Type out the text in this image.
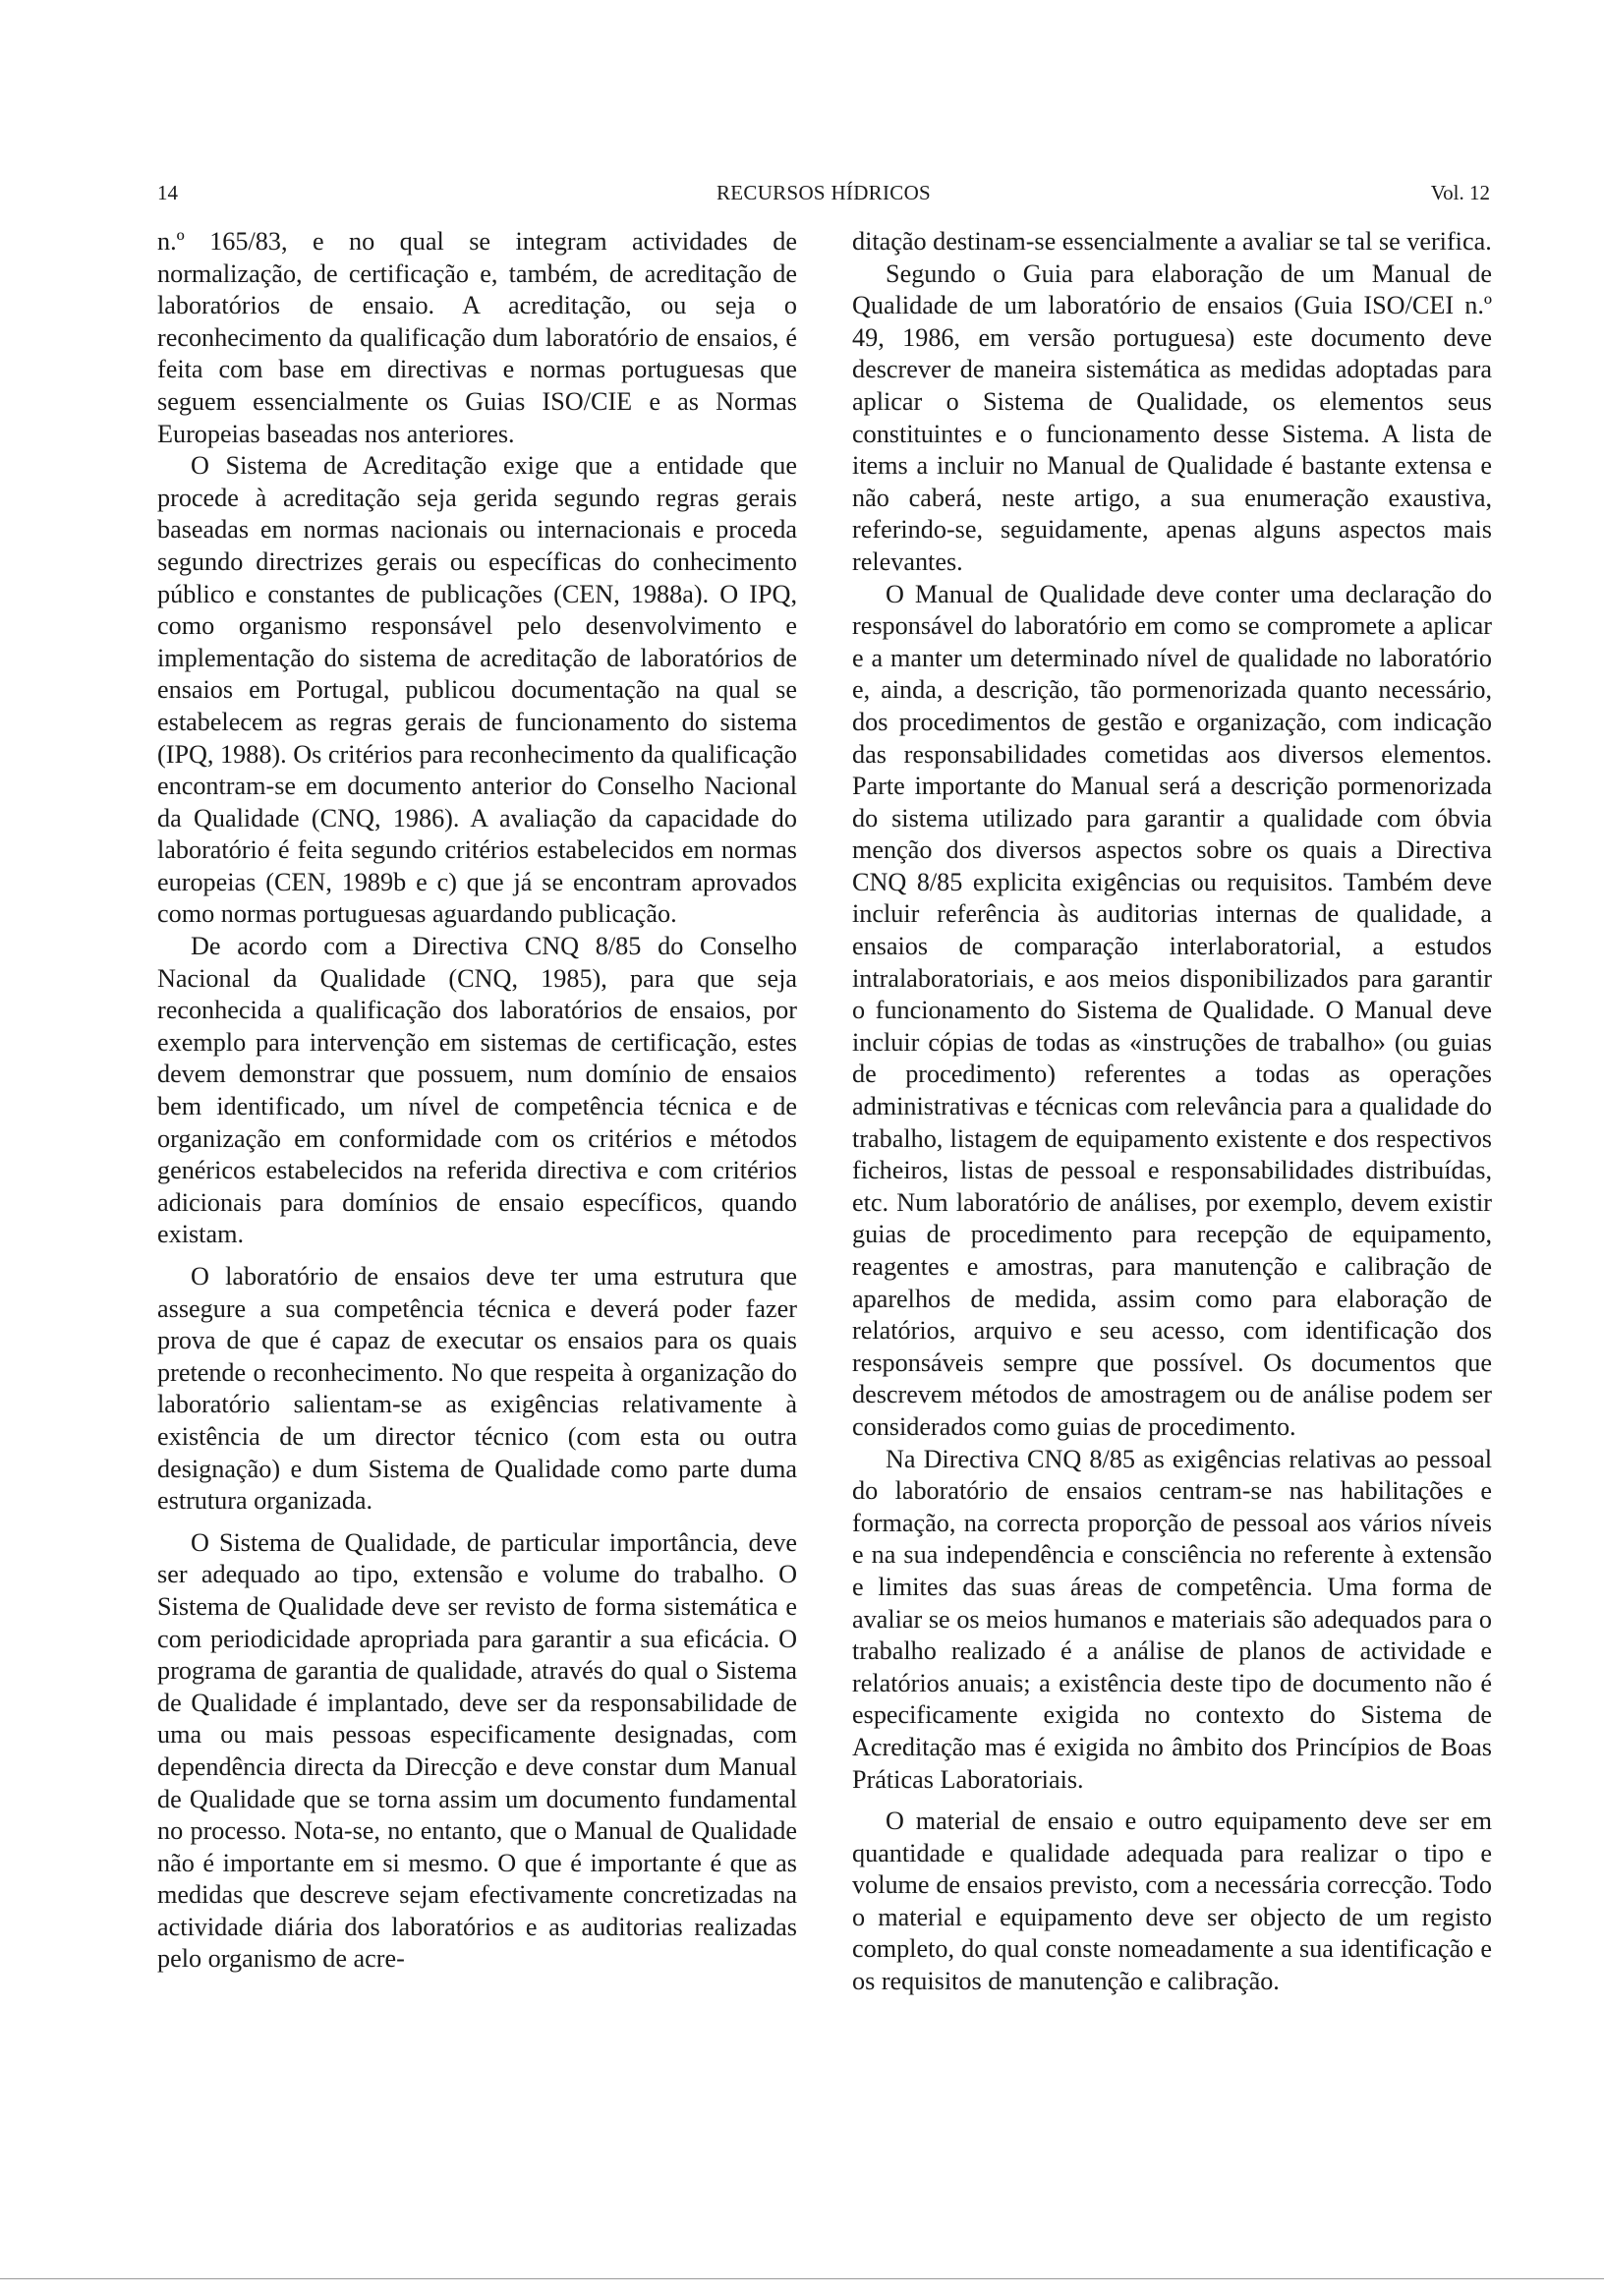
14	RECURSOS HÍDRICOS	Vol. 12

n.º 165/83, e no qual se integram actividades de normalização, de certificação e, também, de acreditação de laboratórios de ensaio. A acreditação, ou seja o reconhecimento da qualificação dum laboratório de ensaios, é feita com base em directivas e normas portuguesas que seguem essencialmente os Guias ISO/CIE e as Normas Europeias baseadas nos anteriores.

O Sistema de Acreditação exige que a entidade que procede à acreditação seja gerida segundo regras gerais baseadas em normas nacionais ou internacionais e proceda segundo directrizes gerais ou específicas do conhecimento público e constantes de publicações (CEN, 1988a). O IPQ, como organismo responsável pelo desenvolvimento e implementação do sistema de acreditação de laboratórios de ensaios em Portugal, publicou documentação na qual se estabelecem as regras gerais de funcionamento do sistema (IPQ, 1988). Os critérios para reconhecimento da qualificação encontram-se em documento anterior do Conselho Nacional da Qualidade (CNQ, 1986). A avaliação da capacidade do laboratório é feita segundo critérios estabelecidos em normas europeias (CEN, 1989b e c) que já se encontram aprovados como normas portuguesas aguardando publicação.

De acordo com a Directiva CNQ 8/85 do Conselho Nacional da Qualidade (CNQ, 1985), para que seja reconhecida a qualificação dos laboratórios de ensaios, por exemplo para intervenção em sistemas de certificação, estes devem demonstrar que possuem, num domínio de ensaios bem identificado, um nível de competência técnica e de organização em conformidade com os critérios e métodos genéricos estabelecidos na referida directiva e com critérios adicionais para domínios de ensaio específicos, quando existam.

O laboratório de ensaios deve ter uma estrutura que assegure a sua competência técnica e deverá poder fazer prova de que é capaz de executar os ensaios para os quais pretende o reconhecimento. No que respeita à organização do laboratório salientam-se as exigências relativamente à existência de um director técnico (com esta ou outra designação) e dum Sistema de Qualidade como parte duma estrutura organizada.

O Sistema de Qualidade, de particular importância, deve ser adequado ao tipo, extensão e volume do trabalho. O Sistema de Qualidade deve ser revisto de forma sistemática e com periodicidade apropriada para garantir a sua eficácia. O programa de garantia de qualidade, através do qual o Sistema de Qualidade é implantado, deve ser da responsabilidade de uma ou mais pessoas especificamente designadas, com dependência directa da Direcção e deve constar dum Manual de Qualidade que se torna assim um documento fundamental no processo. Nota-se, no entanto, que o Manual de Qualidade não é importante em si mesmo. O que é importante é que as medidas que descreve sejam efectivamente concretizadas na actividade diária dos laboratórios e as auditorias realizadas pelo organismo de acre-

ditação destinam-se essencialmente a avaliar se tal se verifica.

Segundo o Guia para elaboração de um Manual de Qualidade de um laboratório de ensaios (Guia ISO/CEI n.º 49, 1986, em versão portuguesa) este documento deve descrever de maneira sistemática as medidas adoptadas para aplicar o Sistema de Qualidade, os elementos seus constituintes e o funcionamento desse Sistema. A lista de items a incluir no Manual de Qualidade é bastante extensa e não caberá, neste artigo, a sua enumeração exaustiva, referindo-se, seguidamente, apenas alguns aspectos mais relevantes.

O Manual de Qualidade deve conter uma declaração do responsável do laboratório em como se compromete a aplicar e a manter um determinado nível de qualidade no laboratório e, ainda, a descrição, tão pormenorizada quanto necessário, dos procedimentos de gestão e organização, com indicação das responsabilidades cometidas aos diversos elementos. Parte importante do Manual será a descrição pormenorizada do sistema utilizado para garantir a qualidade com óbvia menção dos diversos aspectos sobre os quais a Directiva CNQ 8/85 explicita exigências ou requisitos. Também deve incluir referência às auditorias internas de qualidade, a ensaios de comparação interlaboratorial, a estudos intralaboratoriais, e aos meios disponibilizados para garantir o funcionamento do Sistema de Qualidade. O Manual deve incluir cópias de todas as «instruções de trabalho» (ou guias de procedimento) referentes a todas as operações administrativas e técnicas com relevância para a qualidade do trabalho, listagem de equipamento existente e dos respectivos ficheiros, listas de pessoal e responsabilidades distribuídas, etc. Num laboratório de análises, por exemplo, devem existir guias de procedimento para recepção de equipamento, reagentes e amostras, para manutenção e calibração de aparelhos de medida, assim como para elaboração de relatórios, arquivo e seu acesso, com identificação dos responsáveis sempre que possível. Os documentos que descrevem métodos de amostragem ou de análise podem ser considerados como guias de procedimento.

Na Directiva CNQ 8/85 as exigências relativas ao pessoal do laboratório de ensaios centram-se nas habilitações e formação, na correcta proporção de pessoal aos vários níveis e na sua independência e consciência no referente à extensão e limites das suas áreas de competência. Uma forma de avaliar se os meios humanos e materiais são adequados para o trabalho realizado é a análise de planos de actividade e relatórios anuais; a existência deste tipo de documento não é especificamente exigida no contexto do Sistema de Acreditação mas é exigida no âmbito dos Princípios de Boas Práticas Laboratoriais.

O material de ensaio e outro equipamento deve ser em quantidade e qualidade adequada para realizar o tipo e volume de ensaios previsto, com a necessária correcção. Todo o material e equipamento deve ser objecto de um registo completo, do qual conste nomeadamente a sua identificação e os requisitos de manutenção e calibração.
